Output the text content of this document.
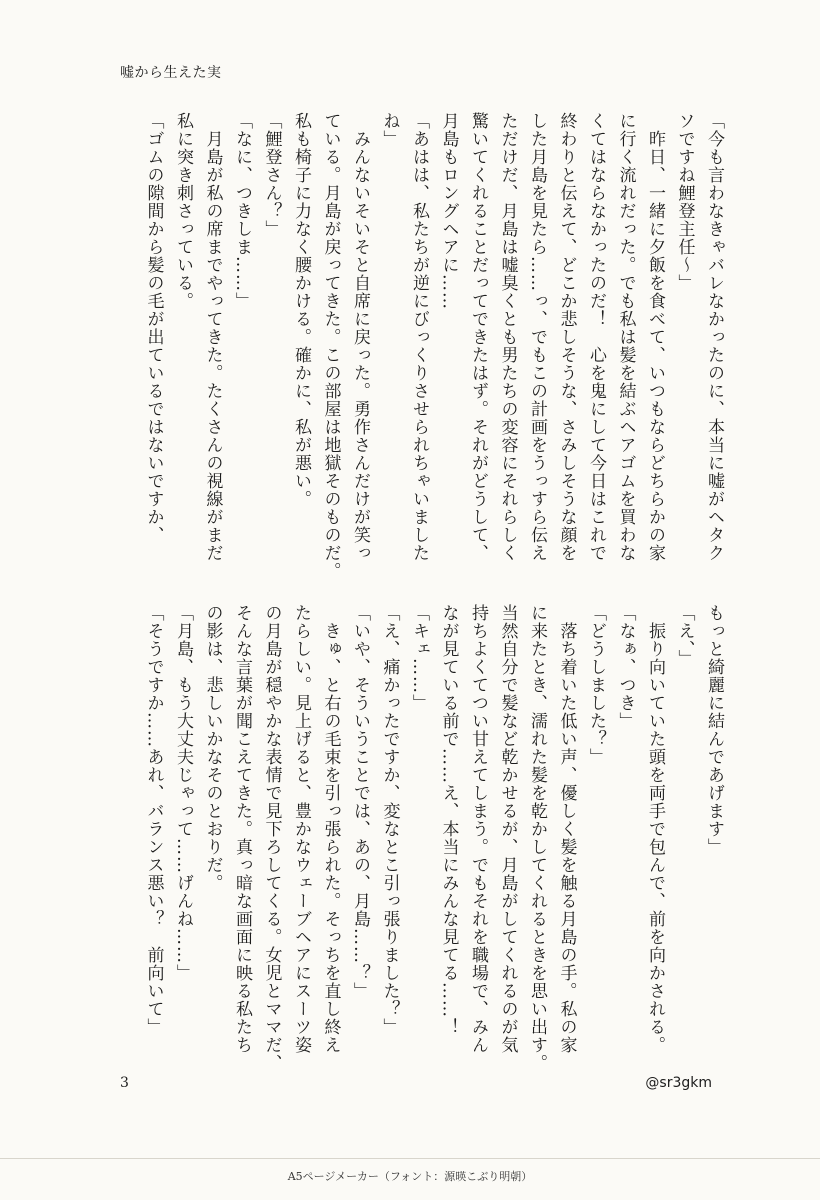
嘘から生えた実
「今も言わなきゃバレなかったのに、本当に嘘がヘタク
ソですね鯉登主任～」
　昨日、一緒に夕飯を食べて、いつもならどちらかの家
に行く流れだった。でも私は髪を結ぶヘアゴムを買わな
くてはならなかったのだ！　心を鬼にして今日はこれで
終わりと伝えて、どこか悲しそうな、さみしそうな顔を
した月島を見たら……っ、でもこの計画をうっすら伝え
ただけだ、月島は嘘臭くとも男たちの変容にそれらしく
驚いてくれることだってできたはず。それがどうして、
月島もロングヘアに……
「あはは、私たちが逆にびっくりさせられちゃいました
ね」
　みんないそいそと自席に戻った。勇作さんだけが笑っ
ている。月島が戻ってきた。この部屋は地獄そのものだ。
私も椅子に力なく腰かける。確かに、私が悪い。
「鯉登さん？」
「なに、つきしま……」
　月島が私の席までやってきた。たくさんの視線がまだ
私に突き刺さっている。
「ゴムの隙間から髪の毛が出ているではないですか、
もっと綺麗に結んであげます」
「え、」
　振り向いていた頭を両手で包んで、前を向かされる。
「なぁ、つき」
「どうしました？」
　落ち着いた低い声、優しく髪を触る月島の手。私の家
に来たとき、濡れた髪を乾かしてくれるときを思い出す。
当然自分で髪など乾かせるが、月島がしてくれるのが気
持ちよくてつい甘えてしまう。でもそれを職場で、みん
なが見ている前で……え、本当にみんな見てる……！
「キェ……」
「え、痛かったですか、変なとこ引っ張りました？」
「いや、そういうことでは、あの、月島……？」
　きゅ、と右の毛束を引っ張られた。そっちを直し終え
たらしい。見上げると、豊かなウェーブヘアにスーツ姿
の月島が穏やかな表情で見下ろしてくる。女児とママだ、
そんな言葉が聞こえてきた。真っ暗な画面に映る私たち
の影は、悲しいかなそのとおりだ。
「月島、もう大丈夫じゃって……げんね……」
「そうですか……あれ、バランス悪い？　前向いて」
3	@sr3gkm
A5ページメーカー（フォント：源暎こぶり明朝）
